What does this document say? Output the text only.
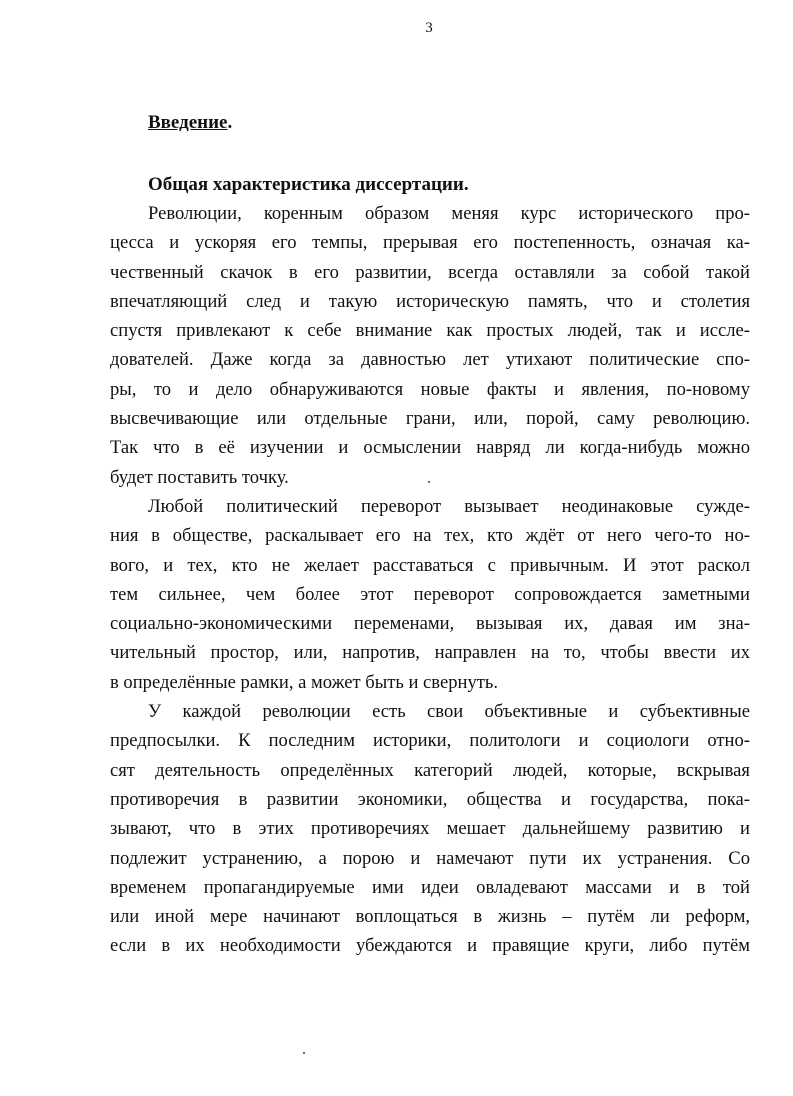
3
Введение.
Общая характеристика диссертации.
Революции, коренным образом меняя курс исторического про-
цесса и ускоряя его темпы, прерывая его постепенность, означая ка-
чественный скачок в его развитии, всегда оставляли за собой такой
впечатляющий след и такую историческую память, что и столетия
спустя привлекают к себе внимание как простых людей, так и иссле-
дователей. Даже когда за давностью лет утихают политические спо-
ры, то и дело обнаруживаются новые факты и явления, по-новому
высвечивающие или отдельные грани, или, порой, саму революцию.
Так что в её изучении и осмыслении навряд ли когда-нибудь можно
будет поставить точку.
Любой политический переворот вызывает неодинаковые сужде-
ния в обществе, раскалывает его на тех, кто ждёт от него чего-то но-
вого, и тех, кто не желает расставаться с привычным. И этот раскол
тем сильнее, чем более этот переворот сопровождается заметными
социально-экономическими переменами, вызывая их, давая им зна-
чительный простор, или, напротив, направлен на то, чтобы ввести их
в определённые рамки, а может быть и свернуть.
У каждой революции есть свои объективные и субъективные
предпосылки. К последним историки, политологи и социологи отно-
сят деятельность определённых категорий людей, которые, вскрывая
противоречия в развитии экономики, общества и государства, пока-
зывают, что в этих противоречиях мешает дальнейшему развитию и
подлежит устранению, а порою и намечают пути их устранения. Со
временем пропагандируемые ими идеи овладевают массами и в той
или иной мере начинают воплощаться в жизнь – путём ли реформ,
если в их необходимости убеждаются и правящие круги, либо путём
